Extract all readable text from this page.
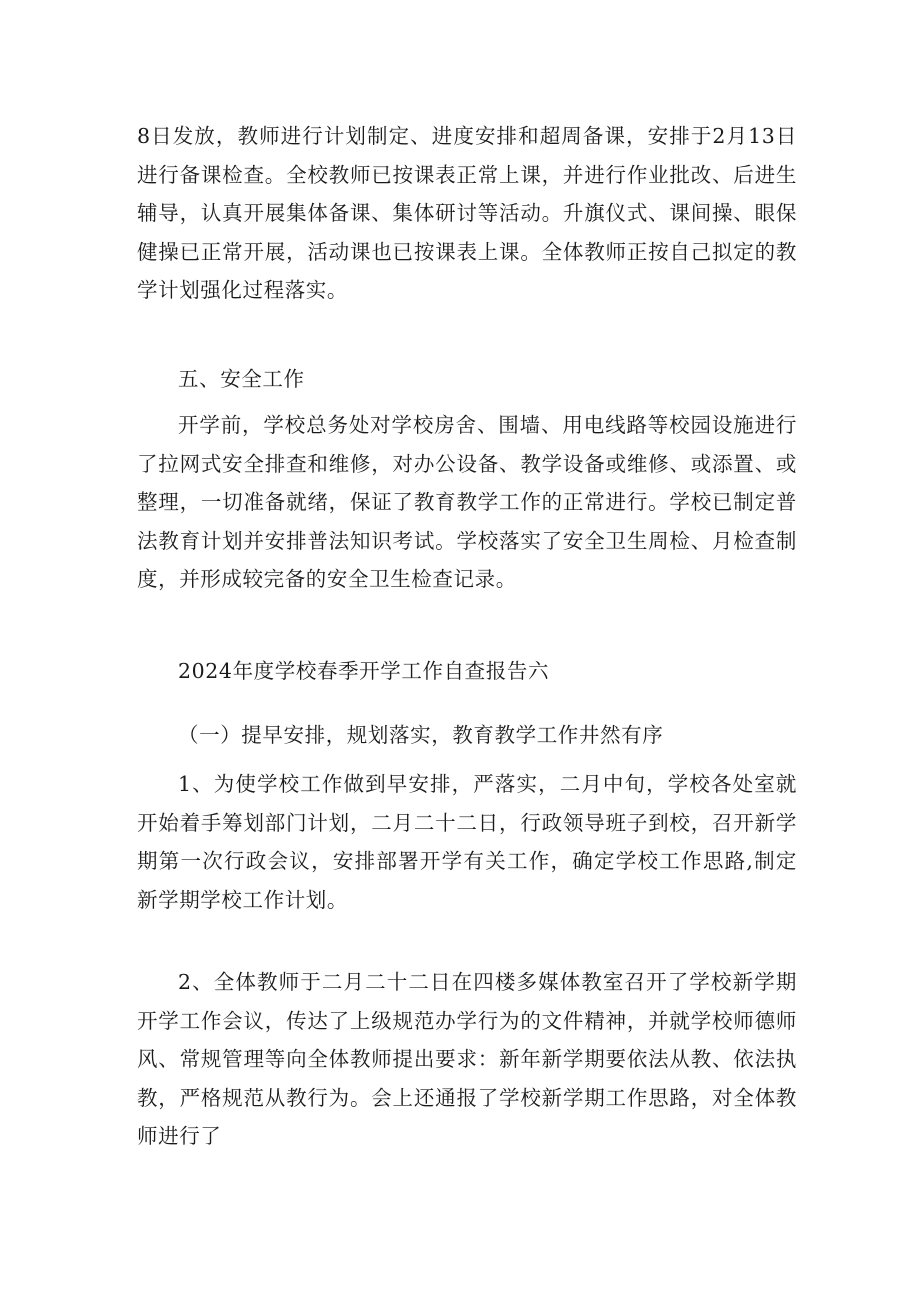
8日发放，教师进行计划制定、进度安排和超周备课，安排于2月13日进行备课检查。全校教师已按课表正常上课，并进行作业批改、后进生辅导，认真开展集体备课、集体研讨等活动。升旗仪式、课间操、眼保健操已正常开展，活动课也已按课表上课。全体教师正按自己拟定的教学计划强化过程落实。

五、安全工作

开学前，学校总务处对学校房舍、围墙、用电线路等校园设施进行了拉网式安全排查和维修，对办公设备、教学设备或维修、或添置、或整理，一切准备就绪，保证了教育教学工作的正常进行。学校已制定普法教育计划并安排普法知识考试。学校落实了安全卫生周检、月检查制度，并形成较完备的安全卫生检查记录。

2024年度学校春季开学工作自查报告六

（一）提早安排，规划落实，教育教学工作井然有序

1、为使学校工作做到早安排，严落实，二月中旬，学校各处室就开始着手筹划部门计划，二月二十二日，行政领导班子到校，召开新学期第一次行政会议，安排部署开学有关工作，确定学校工作思路,制定新学期学校工作计划。

2、全体教师于二月二十二日在四楼多媒体教室召开了学校新学期开学工作会议，传达了上级规范办学行为的文件精神，并就学校师德师风、常规管理等向全体教师提出要求：新年新学期要依法从教、依法执教，严格规范从教行为。会上还通报了学校新学期工作思路，对全体教师进行了
